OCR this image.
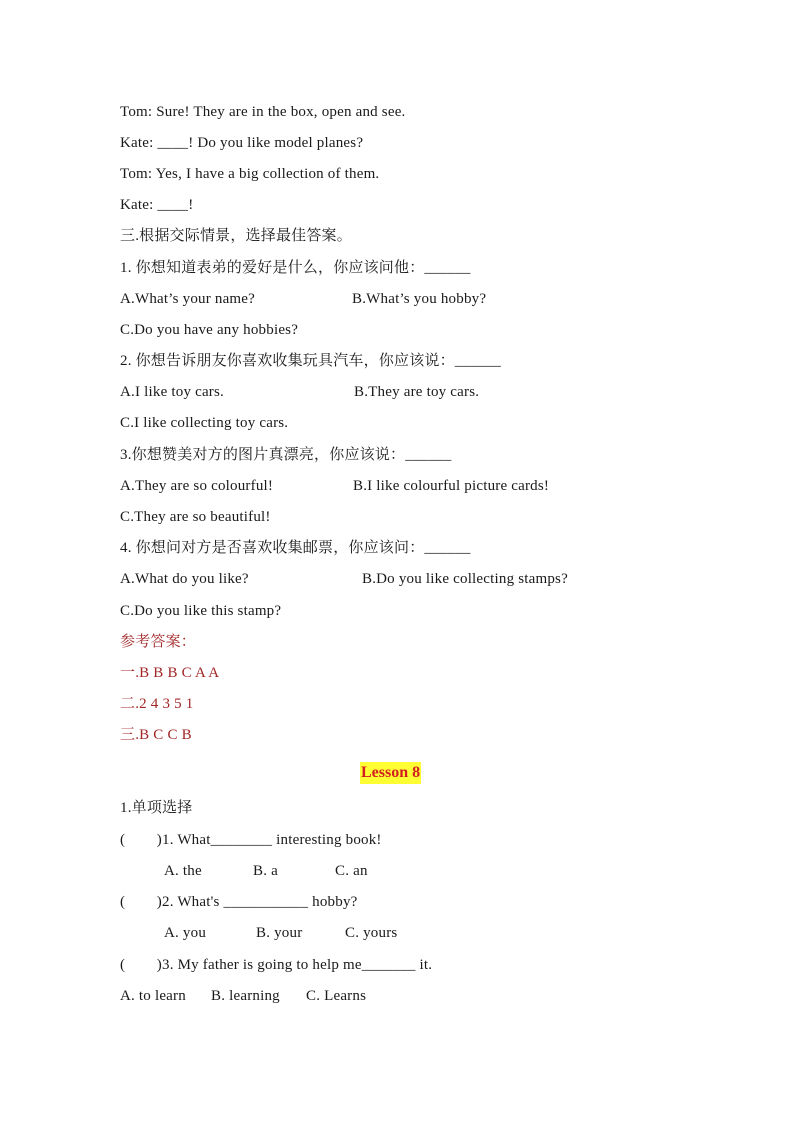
Tom: Sure! They are in the box, open and see.
Kate: ____! Do you like model planes?
Tom: Yes, I have a big collection of them.
Kate: ____!
三.根据交际情景，选择最佳答案。
1. 你想知道表弟的爱好是什么，你应该问他：______
A.What’s your name?	B.What’s you hobby?
C.Do you have any hobbies?
2. 你想告诉朋友你喜欢收集玩具汽车，你应该说：______
A.I like toy cars.	B.They are toy cars.
C.I like collecting toy cars.
3.你想赞美对方的图片真漂亮，你应该说：______
A.They are so colourful!	B.I like colourful picture cards!
C.They are so beautiful!
4. 你想问对方是否喜欢收集邮票，你应该问：______
A.What do you like?	B.Do you like collecting stamps?
C.Do you like this stamp?
参考答案：
一.B B B C A A
二.2 4 3 5 1
三.B C C B
Lesson 8
1.单项选择
(        )1. What________ interesting book!
A. the	B. a	C. an
(        )2. What's ___________ hobby?
A. you	B. your	C. yours
(        )3. My father is going to help me_______ it.
A. to learn B. learning C. Learns
